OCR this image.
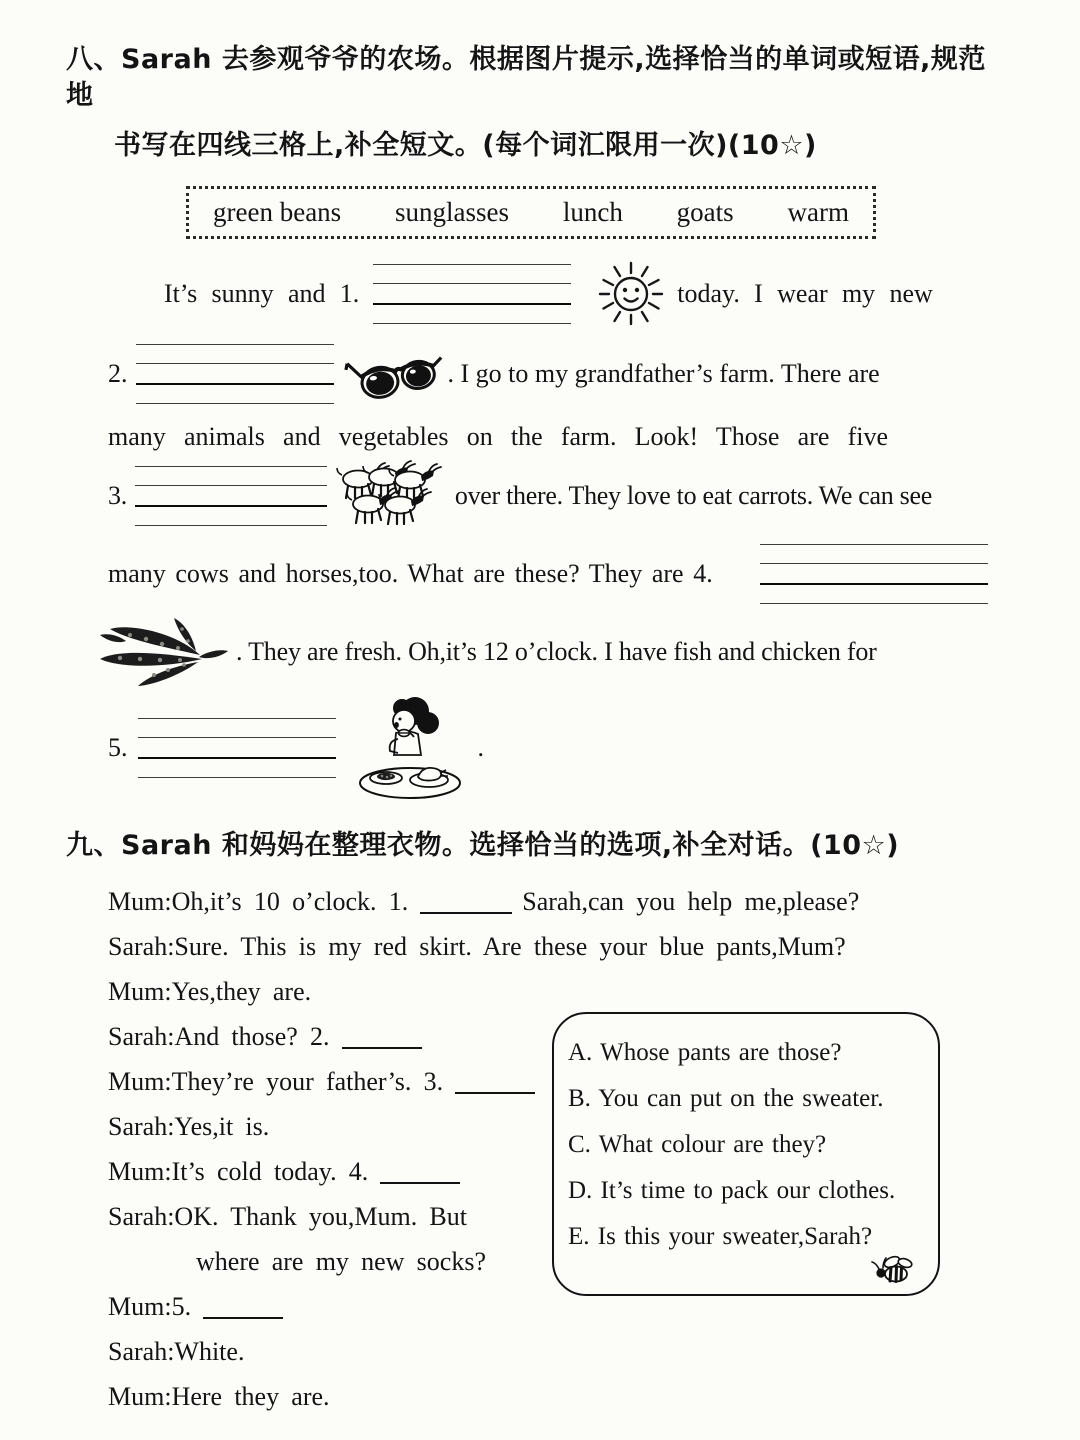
八、Sarah 去参观爷爷的农场。根据图片提示,选择恰当的单词或短语,规范地
书写在四线三格上,补全短文。(每个词汇限用一次)(10☆)
green beans sunglasses lunch goats warm
It’s sunny and 1.	today. I wear my new
2.	. I go to my grandfather’s farm. There are
many animals and vegetables on the farm. Look! Those are five
3.	over there. They love to eat carrots. We can see
many cows and horses,too. What are these? They are 4.
. They are fresh. Oh,it’s 12 o’clock. I have fish and chicken for
5.	.
九、Sarah 和妈妈在整理衣物。选择恰当的选项,补全对话。(10☆)
Mum: Oh,it’s 10 o’clock. 1.	Sarah,can you help me,please?
Sarah: Sure. This is my red skirt. Are these your blue pants,Mum?
Mum: Yes,they are.
Sarah: And those? 2.
Mum: They’re your father’s. 3.
Sarah: Yes,it is.
Mum: It’s cold today. 4.
Sarah: OK. Thank you,Mum. But
where are my new socks?
Mum: 5.
Sarah: White.
Mum: Here they are.
A. Whose pants are those?
B. You can put on the sweater.
C. What colour are they?
D. It’s time to pack our clothes.
E. Is this your sweater,Sarah?
